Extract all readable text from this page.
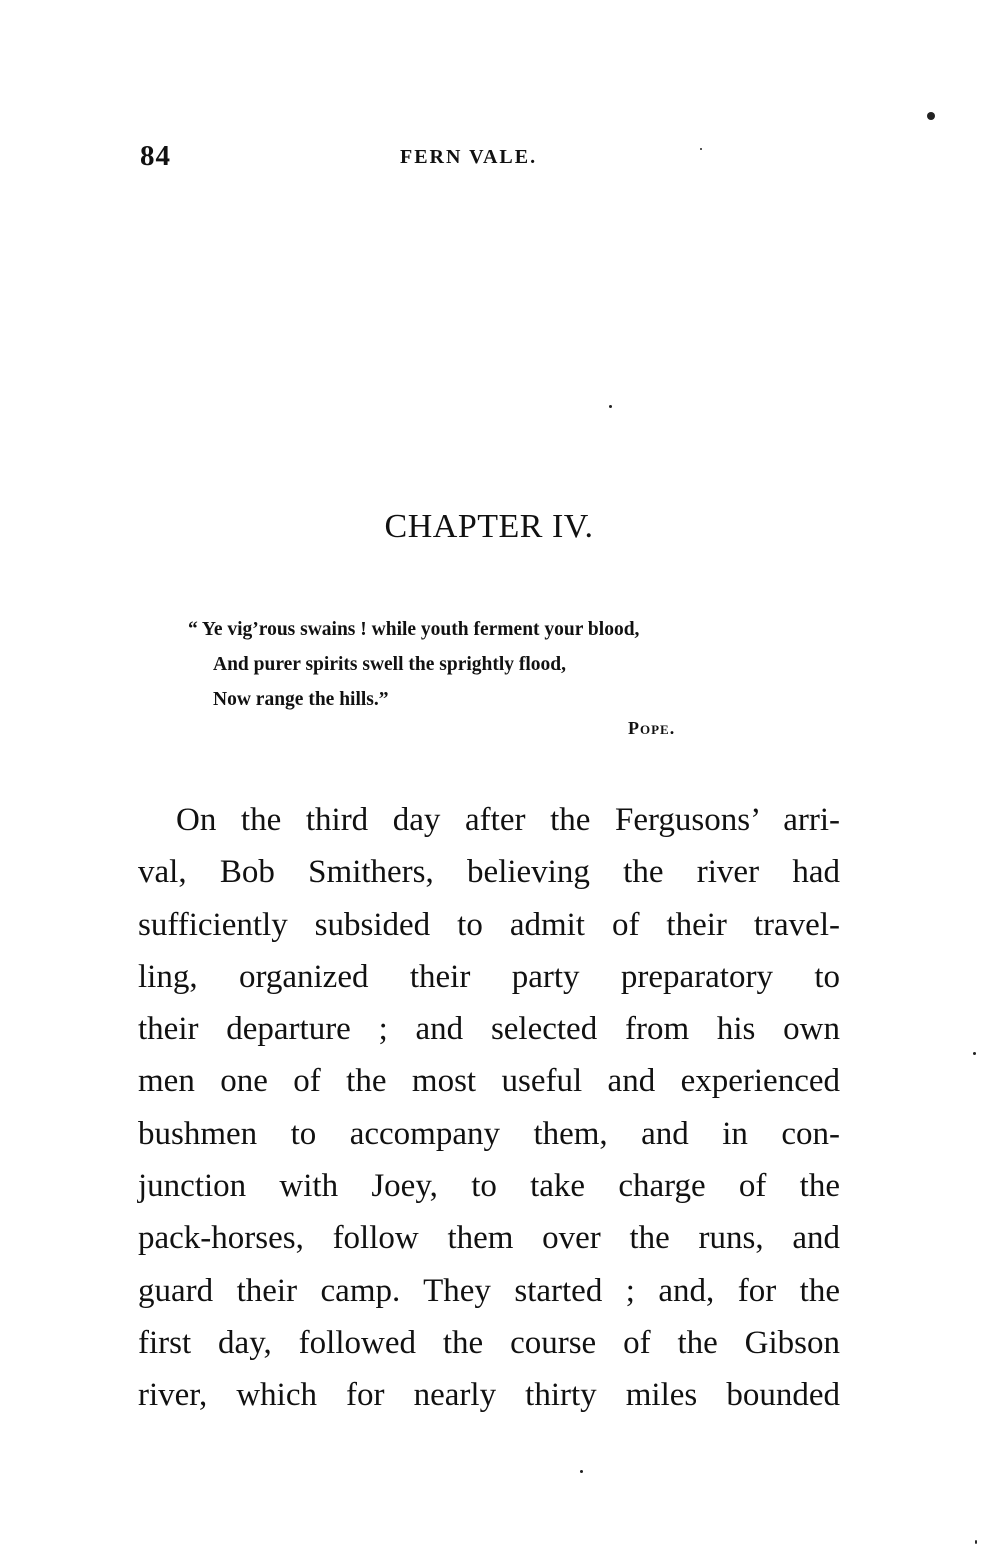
84	FERN VALE.
CHAPTER IV.
“ Ye vig’rous swains ! while youth ferment your blood,
And purer spirits swell the sprightly flood,
Now range the hills.”
Pope.
On the third day after the Fergusons’ arri-
val, Bob Smithers, believing the river had
sufficiently subsided to admit of their travel-
ling, organized their party preparatory to
their departure ; and selected from his own
men one of the most useful and experienced
bushmen to accompany them, and in con-
junction with Joey, to take charge of the
pack-horses, follow them over the runs, and
guard their camp. They started ; and, for the
first day, followed the course of the Gibson
river, which for nearly thirty miles bounded
